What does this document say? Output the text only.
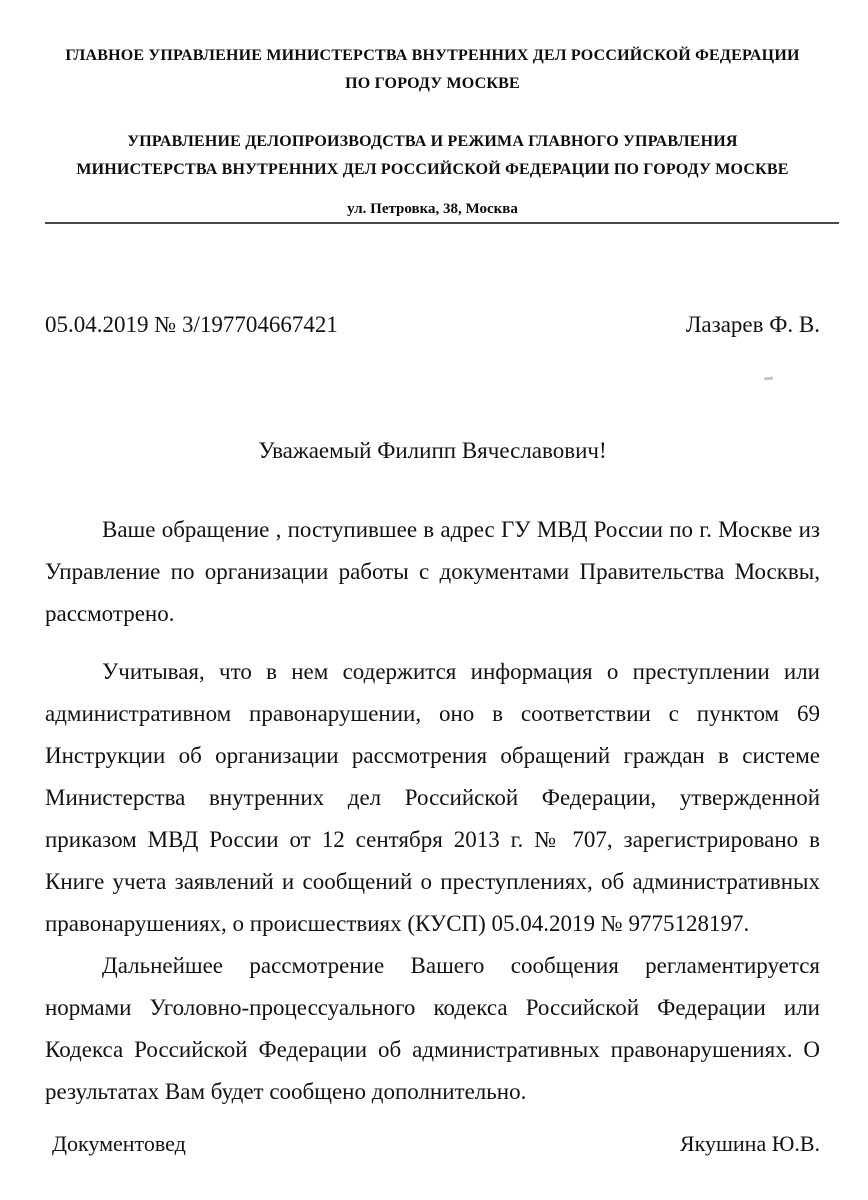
ГЛАВНОЕ УПРАВЛЕНИЕ МИНИСТЕРСТВА ВНУТРЕННИХ ДЕЛ РОССИЙСКОЙ ФЕДЕРАЦИИ
ПО ГОРОДУ МОСКВЕ
УПРАВЛЕНИЕ ДЕЛОПРОИЗВОДСТВА И РЕЖИМА ГЛАВНОГО УПРАВЛЕНИЯ
МИНИСТЕРСТВА ВНУТРЕННИХ ДЕЛ РОССИЙСКОЙ ФЕДЕРАЦИИ ПО ГОРОДУ МОСКВЕ
ул. Петровка, 38, Москва
05.04.2019 № 3/197704667421	Лазарев Ф. В.
Уважаемый Филипп Вячеславович!
Ваше обращение , поступившее в адрес ГУ МВД России по г. Москве из
Управление по организации работы с документами Правительства Москвы,
рассмотрено.
Учитывая, что в нем содержится информация о преступлении или
административном правонарушении, оно в соответствии с пунктом 69
Инструкции об организации рассмотрения обращений граждан в системе
Министерства внутренних дел Российской Федерации, утвержденной
приказом МВД России от 12 сентября 2013 г. № 707, зарегистрировано в
Книге учета заявлений и сообщений о преступлениях, об административных
правонарушениях, о происшествиях (КУСП) 05.04.2019 № 9775128197.
Дальнейшее рассмотрение Вашего сообщения регламентируется
нормами Уголовно-процессуального кодекса Российской Федерации или
Кодекса Российской Федерации об административных правонарушениях. О
результатах Вам будет сообщено дополнительно.
Документовед	Якушина Ю.В.
